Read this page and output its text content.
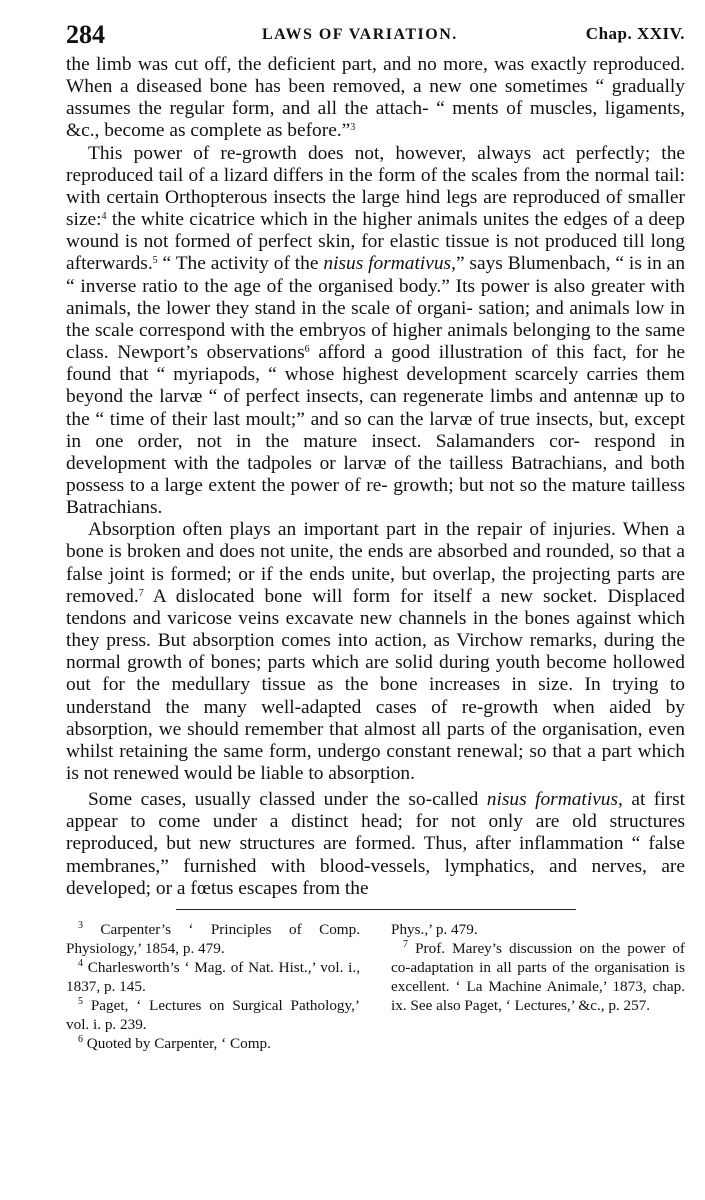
284	LAWS OF VARIATION.	Chap. XXIV.

the limb was cut off, the deficient part, and no more, was exactly reproduced. When a diseased bone has been removed, a new one sometimes “ gradually assumes the regular form, and all the attach- “ ments of muscles, ligaments, &c., become as complete as before.”$^3$

This power of re-growth does not, however, always act perfectly; the reproduced tail of a lizard differs in the form of the scales from the normal tail: with certain Orthopterous insects the large hind legs are reproduced of smaller size:$^4$ the white cicatrice which in the higher animals unites the edges of a deep wound is not formed of perfect skin, for elastic tissue is not produced till long afterwards.$^5$ “ The activity of the nisus formativus,” says Blumenbach, “ is in an “ inverse ratio to the age of the organised body.” Its power is also greater with animals, the lower they stand in the scale of organi- sation; and animals low in the scale correspond with the embryos of higher animals belonging to the same class. Newport’s observations$^6$ afford a good illustration of this fact, for he found that “ myriapods, “ whose highest development scarcely carries them beyond the larvæ “ of perfect insects, can regenerate limbs and antennæ up to the “ time of their last moult;” and so can the larvæ of true insects, but, except in one order, not in the mature insect. Salamanders cor- respond in development with the tadpoles or larvæ of the tailless Batrachians, and both possess to a large extent the power of re- growth; but not so the mature tailless Batrachians.

Absorption often plays an important part in the repair of injuries. When a bone is broken and does not unite, the ends are absorbed and rounded, so that a false joint is formed; or if the ends unite, but overlap, the projecting parts are removed.$^7$ A dislocated bone will form for itself a new socket. Displaced tendons and varicose veins excavate new channels in the bones against which they press. But absorption comes into action, as Virchow remarks, during the normal growth of bones; parts which are solid during youth become hollowed out for the medullary tissue as the bone increases in size. In trying to understand the many well-adapted cases of re-growth when aided by absorption, we should remember that almost all parts of the organisation, even whilst retaining the same form, undergo constant renewal; so that a part which is not renewed would be liable to absorption.

Some cases, usually classed under the so-called nisus formativus, at first appear to come under a distinct head; for not only are old structures reproduced, but new structures are formed. Thus, after inflammation “ false membranes,” furnished with blood-vessels, lymphatics, and nerves, are developed; or a fœtus escapes from the

$^3$ Carpenter’s ‘ Principles of Comp. Physiology,’ 1854, p. 479.

$^4$ Charlesworth’s ‘ Mag. of Nat. Hist.,’ vol. i., 1837, p. 145.

$^5$ Paget, ‘ Lectures on Surgical Pathology,’ vol. i. p. 239.

$^6$ Quoted by Carpenter, ‘ Comp.

Phys.,’ p. 479.

$^7$ Prof. Marey’s discussion on the power of co-adaptation in all parts of the organisation is excellent. ‘ La Machine Animale,’ 1873, chap. ix. See also Paget, ‘ Lectures,’ &c., p. 257.
